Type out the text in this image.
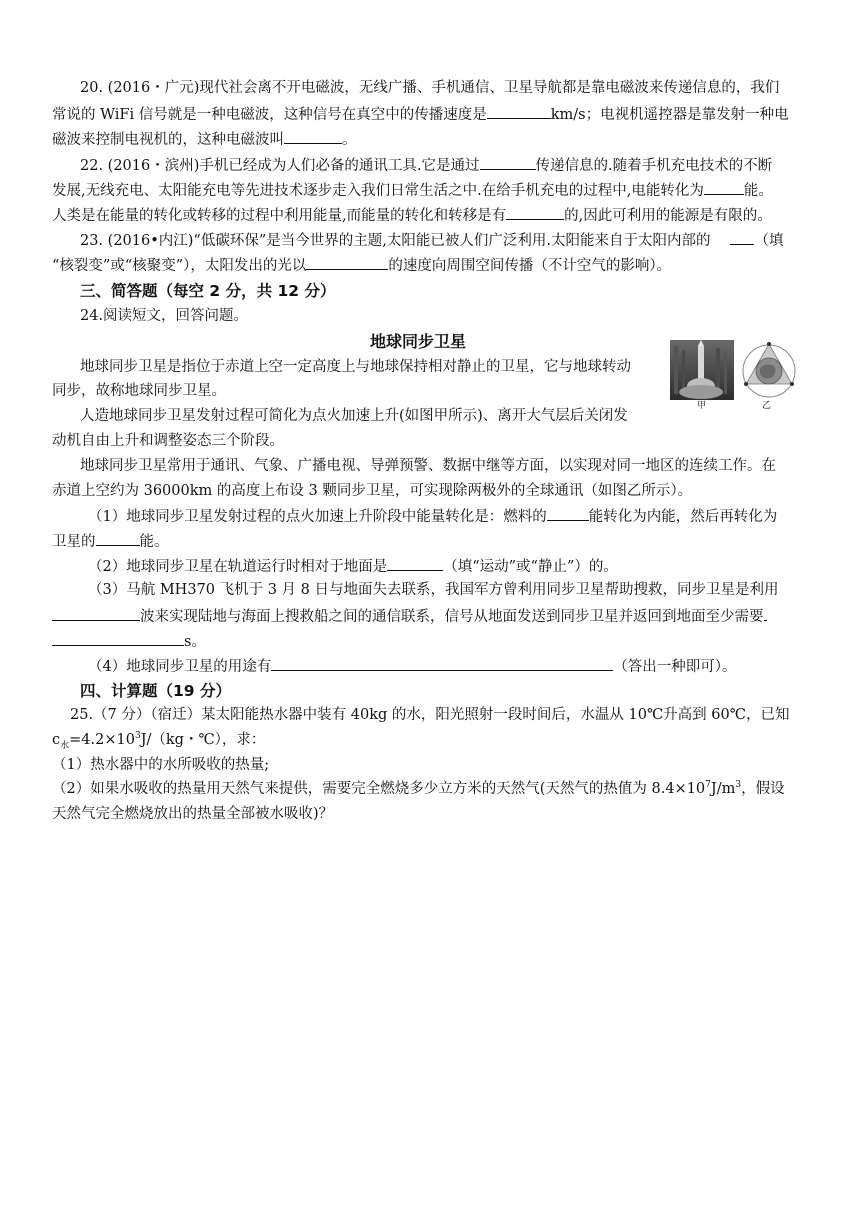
20. (2016・广元)现代社会离不开电磁波，无线广播、手机通信、卫星导航都是靠电磁波来传递信息的，我们
常说的 WiFi 信号就是一种电磁波，这种信号在真空中的传播速度是	km/s；电视机遥控器是靠发射一种电
磁波来控制电视机的，这种电磁波叫	。
22. (2016・滨州)手机已经成为人们必备的通讯工具.它是通过	传递信息的.随着手机充电技术的不断
发展,无线充电、太阳能充电等先进技术逐步走入我们日常生活之中.在给手机充电的过程中,电能转化为	能。
人类是在能量的转化或转移的过程中利用能量,而能量的转化和转移是有	的,因此可利用的能源是有限的。
23. (2016•内江)“低碳环保”是当今世界的主题,太阳能已被人们广泛利用.太阳能来自于太阳内部的	（填
“核裂变”或“核聚变”），太阳发出的光以	的速度向周围空间传播（不计空气的影响）。
三、简答题（每空 2 分，共 12 分）
24.阅读短文，回答问题。
地球同步卫星
地球同步卫星是指位于赤道上空一定高度上与地球保持相对静止的卫星，它与地球转动
同步，故称地球同步卫星。
人造地球同步卫星发射过程可简化为点火加速上升(如图甲所示)、离开大气层后关闭发
动机自由上升和调整姿态三个阶段。
甲	乙
地球同步卫星常用于通讯、气象、广播电视、导弹预警、数据中继等方面，以实现对同一地区的连续工作。在
赤道上空约为 36000km 的高度上布设 3 颗同步卫星，可实现除两极外的全球通讯（如图乙所示）。
（1）地球同步卫星发射过程的点火加速上升阶段中能量转化是：燃料的	能转化为内能，然后再转化为
卫星的	能。
（2）地球同步卫星在轨道运行时相对于地面是	（填“运动”或“静止”）的。
（3）马航 MH370 飞机于 3 月 8 日与地面失去联系，我国军方曾利用同步卫星帮助搜救，同步卫星是利用
波来实现陆地与海面上搜救船之间的通信联系，信号从地面发送到同步卫星并返回到地面至少需要
s。
（4）地球同步卫星的用途有	（答出一种即可）。
四、计算题（19 分）
25.（7 分）（宿迁）某太阳能热水器中装有 40kg 的水，阳光照射一段时间后，水温从 10℃升高到 60℃，已知
$c_水=4.2\times 10^3J/(kg$・℃），求：
（1）热水器中的水所吸收的热量;
（2）如果水吸收的热量用天然气来提供，需要完全燃烧多少立方米的天然气(天然气的热值为 $8.4\times 10^7J/m^3$，假设
天然气完全燃烧放出的热量全部被水吸收)？
